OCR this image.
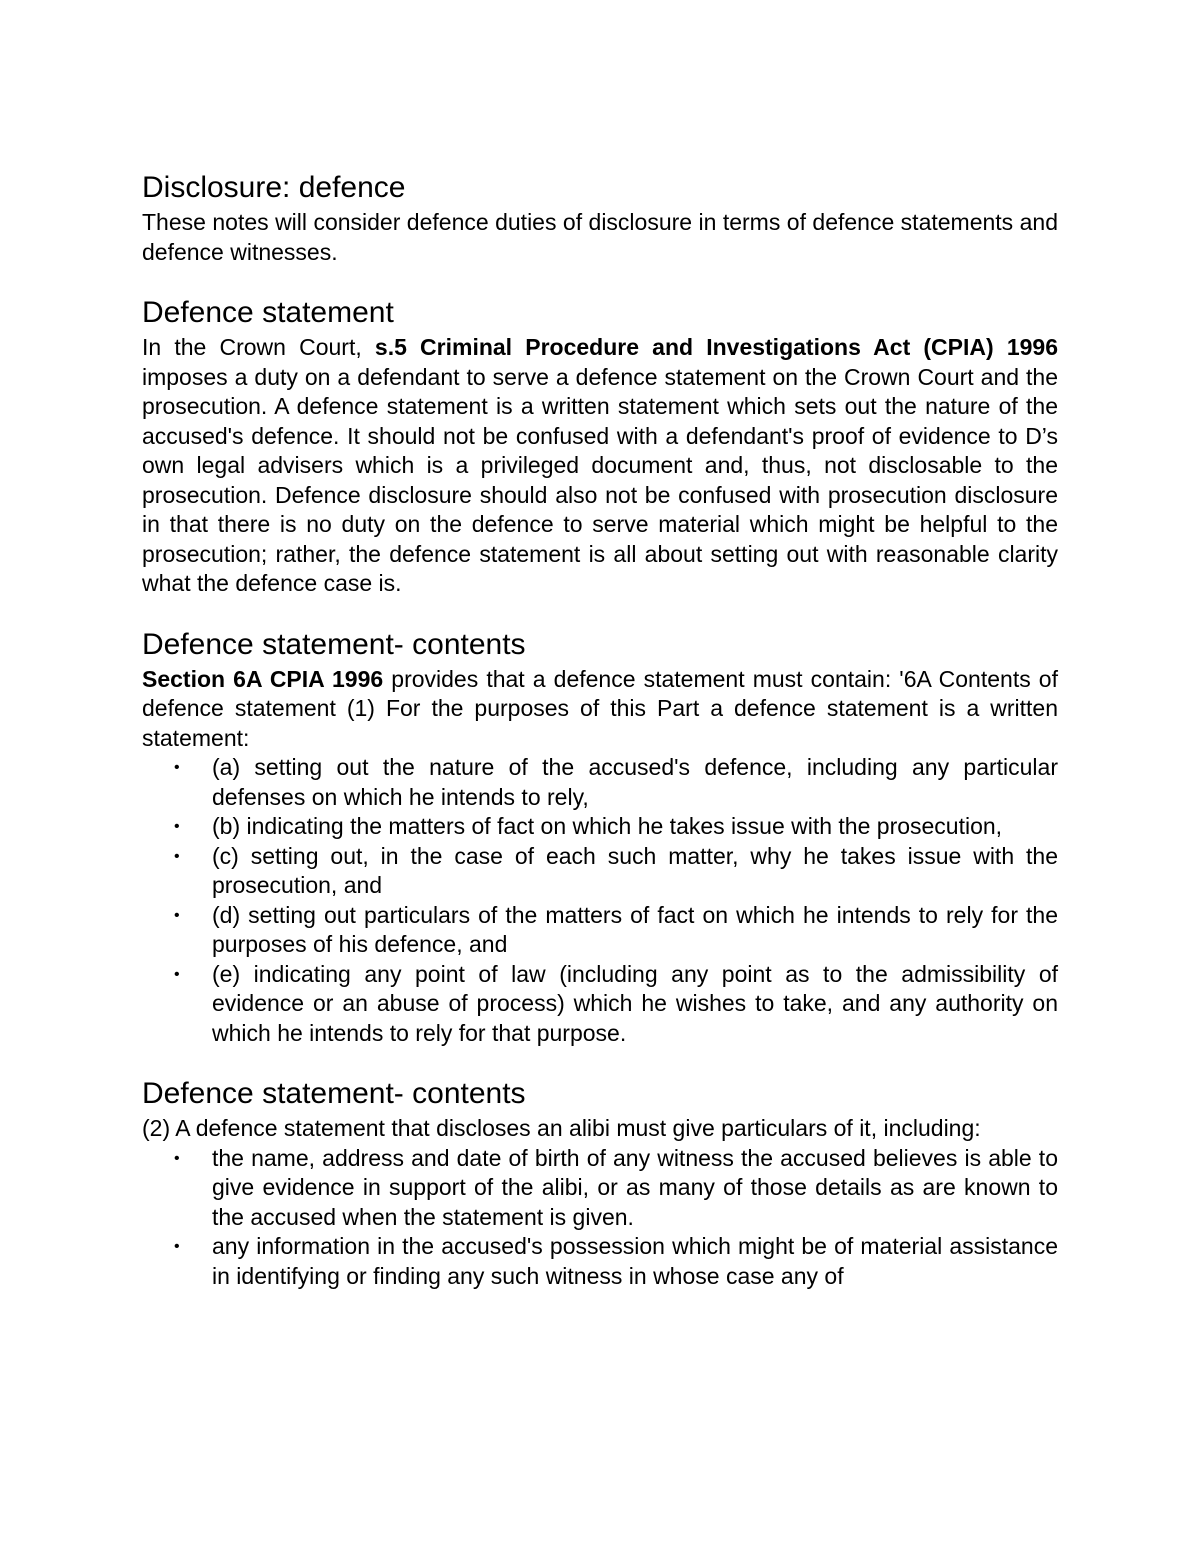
Disclosure: defence

These notes will consider defence duties of disclosure in terms of defence statements and defence witnesses.

Defence statement

In the Crown Court, s.5 Criminal Procedure and Investigations Act (CPIA) 1996 imposes a duty on a defendant to serve a defence statement on the Crown Court and the prosecution. A defence statement is a written statement which sets out the nature of the accused's defence. It should not be confused with a defendant's proof of evidence to D’s own legal advisers which is a privileged document and, thus, not disclosable to the prosecution. Defence disclosure should also not be confused with prosecution disclosure in that there is no duty on the defence to serve material which might be helpful to the prosecution; rather, the defence statement is all about setting out with reasonable clarity what the defence case is.

Defence statement- contents

Section 6A CPIA 1996 provides that a defence statement must contain: '6A Contents of defence statement (1) For the purposes of this Part a defence statement is a written statement:

• (a) setting out the nature of the accused's defence, including any particular defenses on which he intends to rely,
• (b) indicating the matters of fact on which he takes issue with the prosecution,
• (c) setting out, in the case of each such matter, why he takes issue with the prosecution, and
• (d) setting out particulars of the matters of fact on which he intends to rely for the purposes of his defence, and
• (e) indicating any point of law (including any point as to the admissibility of evidence or an abuse of process) which he wishes to take, and any authority on which he intends to rely for that purpose.
Defence statement- contents

(2) A defence statement that discloses an alibi must give particulars of it, including:

• the name, address and date of birth of any witness the accused believes is able to give evidence in support of the alibi, or as many of those details as are known to the accused when the statement is given.
• any information in the accused's possession which might be of material assistance in identifying or finding any such witness in whose case any of
